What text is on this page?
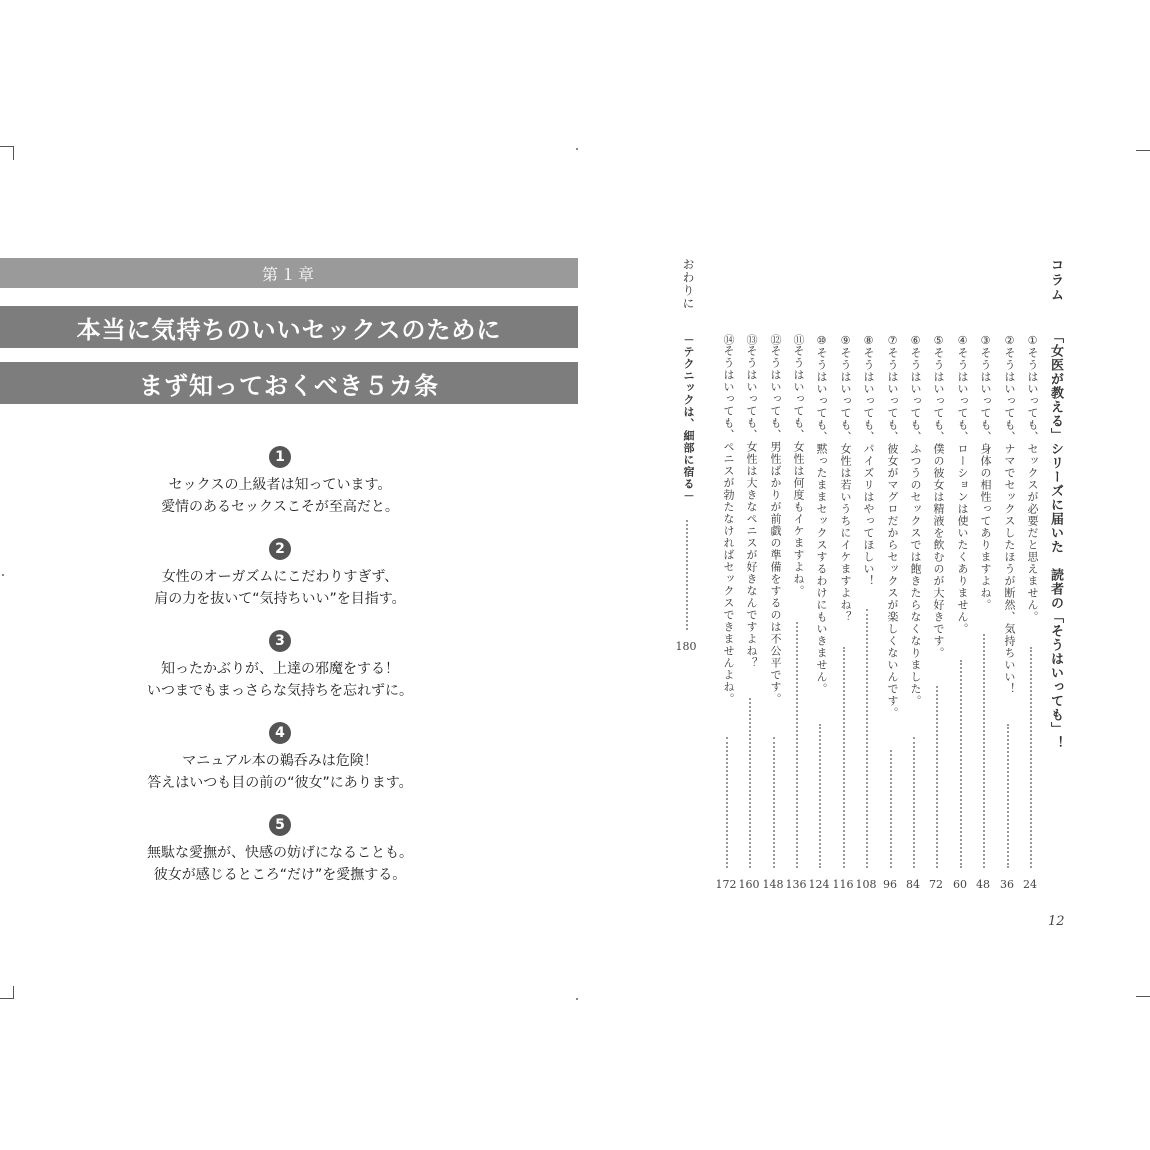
第１章
本当に気持ちのいいセックスのために
まず知っておくべき５カ条
1
セックスの上級者は知っています。
愛情のあるセックスこそが至高だと。
2
女性のオーガズムにこだわりすぎず、
肩の力を抜いて“気持ちいい”を目指す。
3
知ったかぶりが、上達の邪魔をする！
いつまでもまっさらな気持ちを忘れずに。
4
マニュアル本の鵜呑みは危険！
答えはいつも目の前の“彼女”にあります。
5
無駄な愛撫が、快感の妨げになることも。
彼女が感じるところ“だけ”を愛撫する。
コラム
「女医が教える」シリーズに届いた　読者の「そうはいっても」！
①そうはいっても、セックスが必要だと思えません。
24
②そうはいっても、ナマでセックスしたほうが断然、気持ちいい！
36
③そうはいっても、身体の相性ってありますよね。
48
④そうはいっても、ローションは使いたくありません。
60
⑤そうはいっても、僕の彼女は精液を飲むのが大好きです。
72
⑥そうはいっても、ふつうのセックスでは飽きたらなくなりました。
84
⑦そうはいっても、彼女がマグロだからセックスが楽しくないんです。
96
⑧そうはいっても、パイズリはやってほしい！
108
⑨そうはいっても、女性は若いうちにイケますよね？
116
⑩そうはいっても、黙ったままセックスするわけにもいきません。
124
⑪そうはいっても、女性は何度もイケますよね。
136
⑫そうはいっても、男性ばかりが前戯の準備をするのは不公平です。
148
⑬そうはいっても、女性は大きなペニスが好きなんですよね？
160
⑭そうはいっても、ペニスが勃たなければセックスできませんよね。
172
おわりに
－テクニックは、細部に宿る－
180
12
